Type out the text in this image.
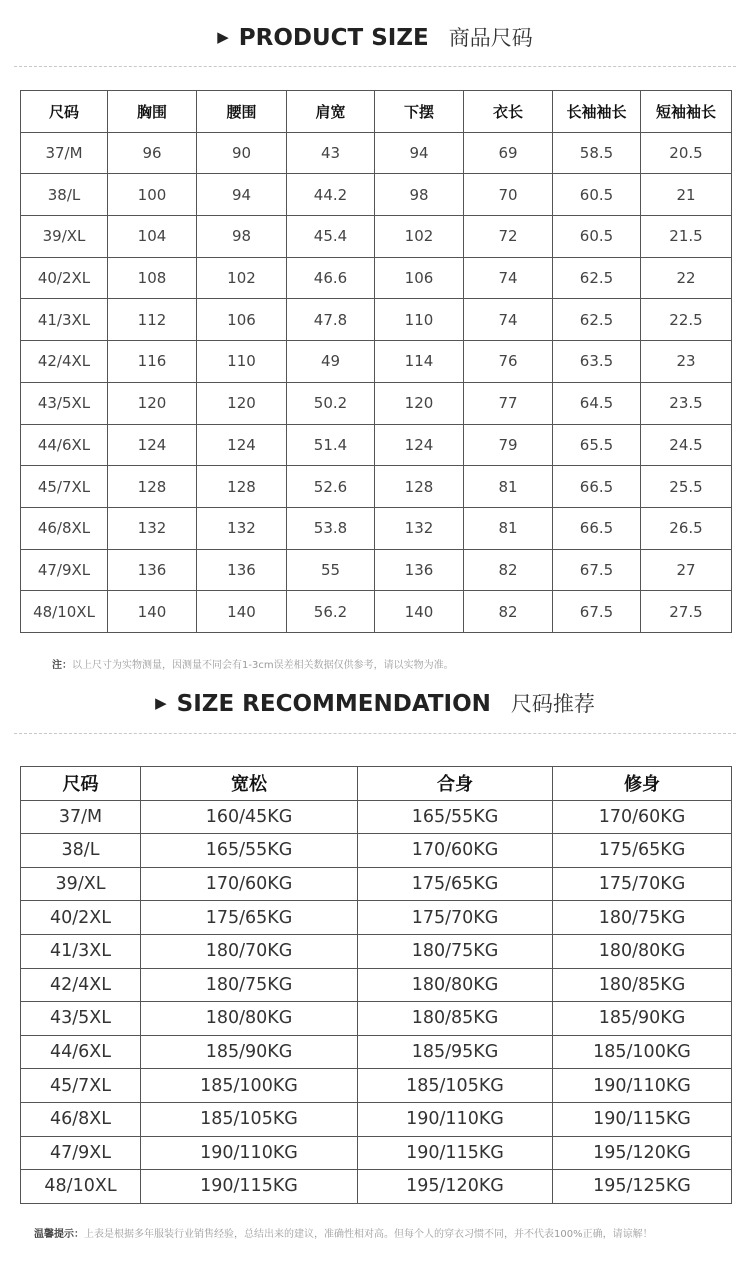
▶ PRODUCT SIZE 商品尺码
尺码	胸围	腰围	肩宽	下摆	衣长	长袖袖长	短袖袖长
37/M	96	90	43	94	69	58.5	20.5
38/L	100	94	44.2	98	70	60.5	21
39/XL	104	98	45.4	102	72	60.5	21.5
40/2XL	108	102	46.6	106	74	62.5	22
41/3XL	112	106	47.8	110	74	62.5	22.5
42/4XL	116	110	49	114	76	63.5	23
43/5XL	120	120	50.2	120	77	64.5	23.5
44/6XL	124	124	51.4	124	79	65.5	24.5
45/7XL	128	128	52.6	128	81	66.5	25.5
46/8XL	132	132	53.8	132	81	66.5	26.5
47/9XL	136	136	55	136	82	67.5	27
48/10XL	140	140	56.2	140	82	67.5	27.5
注：以上尺寸为实物测量，因测量不同会有1-3cm误差相关数据仅供参考，请以实物为准。
▶ SIZE RECOMMENDATION 尺码推荐
尺码	宽松	合身	修身
37/M	160/45KG	165/55KG	170/60KG
38/L	165/55KG	170/60KG	175/65KG
39/XL	170/60KG	175/65KG	175/70KG
40/2XL	175/65KG	175/70KG	180/75KG
41/3XL	180/70KG	180/75KG	180/80KG
42/4XL	180/75KG	180/80KG	180/85KG
43/5XL	180/80KG	180/85KG	185/90KG
44/6XL	185/90KG	185/95KG	185/100KG
45/7XL	185/100KG	185/105KG	190/110KG
46/8XL	185/105KG	190/110KG	190/115KG
47/9XL	190/110KG	190/115KG	195/120KG
48/10XL	190/115KG	195/120KG	195/125KG
温馨提示：上表是根据多年服装行业销售经验，总结出来的建议，准确性相对高。但每个人的穿衣习惯不同，并不代表100%正确，请谅解！
